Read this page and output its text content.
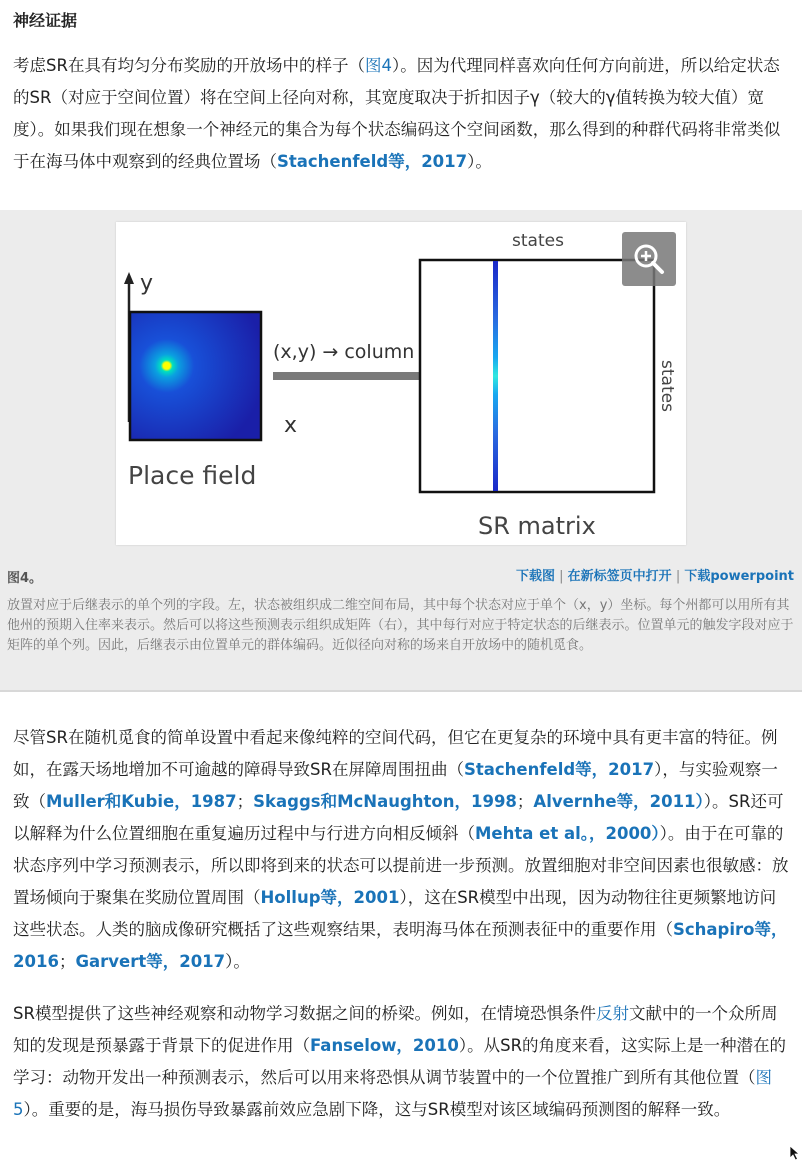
神经证据

考虑SR在具有均匀分布奖励的开放场中的样子（图4）。因为代理同样喜欢向任何方向前进，所以给定状态的SR（对应于空间位置）将在空间上径向对称，其宽度取决于折扣因子γ（较大的γ值转换为较大值）宽度）。如果我们现在想象一个神经元的集合为每个状态编码这个空间函数，那么得到的种群代码将非常类似于在海马体中观察到的经典位置场（Stachenfeld等，2017）。

y
x
Place field
(x,y) → column
states
states
SR matrix
图4。	下载图 | 在新标签页中打开 | 下载powerpoint

放置对应于后继表示的单个列的字段。左，状态被组织成二维空间布局，其中每个状态对应于单个（x，y）坐标。每个州都可以用所有其他州的预期入住率来表示。然后可以将这些预测表示组织成矩阵（右），其中每行对应于特定状态的后继表示。位置单元的触发字段对应于矩阵的单个列。因此，后继表示由位置单元的群体编码。近似径向对称的场来自开放场中的随机觅食。

尽管SR在随机觅食的简单设置中看起来像纯粹的空间代码，但它在更复杂的环境中具有更丰富的特征。例如，在露天场地增加不可逾越的障碍导致SR在屏障周围扭曲（Stachenfeld等，2017），与实验观察一致（Muller和Kubie，1987；Skaggs和McNaughton，1998；Alvernhe等，2011））。SR还可以解释为什么位置细胞在重复遍历过程中与行进方向相反倾斜（Mehta et al。，2000））。由于在可靠的状态序列中学习预测表示，所以即将到来的状态可以提前进一步预测。放置细胞对非空间因素也很敏感：放置场倾向于聚集在奖励位置周围（Hollup等，2001），这在SR模型中出现，因为动物往往更频繁地访问这些状态。人类的脑成像研究概括了这些观察结果，表明海马体在预测表征中的重要作用（Schapiro等，2016；Garvert等，2017）。

SR模型提供了这些神经观察和动物学习数据之间的桥梁。例如，在情境恐惧条件反射文献中的一个众所周知的发现是预暴露于背景下的促进作用（Fanselow，2010）。从SR的角度来看，这实际上是一种潜在的学习：动物开发出一种预测表示，然后可以用来将恐惧从调节装置中的一个位置推广到所有其他位置（图5）。重要的是，海马损伤导致暴露前效应急剧下降，这与SR模型对该区域编码预测图的解释一致。
